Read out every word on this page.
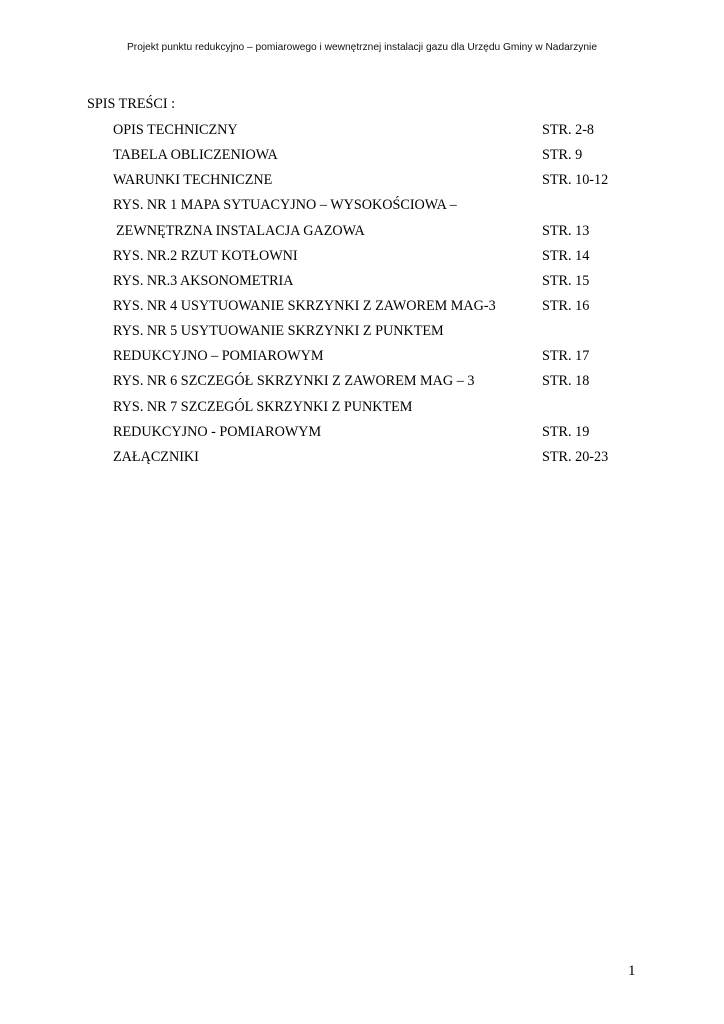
Projekt punktu redukcyjno – pomiarowego i wewnętrznej instalacji gazu dla Urzędu Gminy w Nadarzynie
SPIS TREŚCI :
OPIS TECHNICZNY	STR. 2-8
TABELA OBLICZENIOWA	STR. 9
WARUNKI TECHNICZNE	STR. 10-12
RYS. NR 1 MAPA SYTUACYJNO – WYSOKOŚCIOWA –
ZEWNĘTRZNA INSTALACJA GAZOWA	STR. 13
RYS. NR.2 RZUT KOTŁOWNI	STR. 14
RYS. NR.3 AKSONOMETRIA	STR. 15
RYS. NR 4 USYTUOWANIE SKRZYNKI Z ZAWOREM MAG-3	STR. 16
RYS. NR 5 USYTUOWANIE SKRZYNKI Z PUNKTEM
REDUKCYJNO – POMIAROWYM	STR. 17
RYS. NR 6 SZCZEGÓŁ SKRZYNKI Z ZAWOREM MAG – 3	STR. 18
RYS. NR 7 SZCZEGÓL SKRZYNKI Z PUNKTEM
REDUKCYJNO - POMIAROWYM	STR. 19
ZAŁĄCZNIKI	STR. 20-23
1
